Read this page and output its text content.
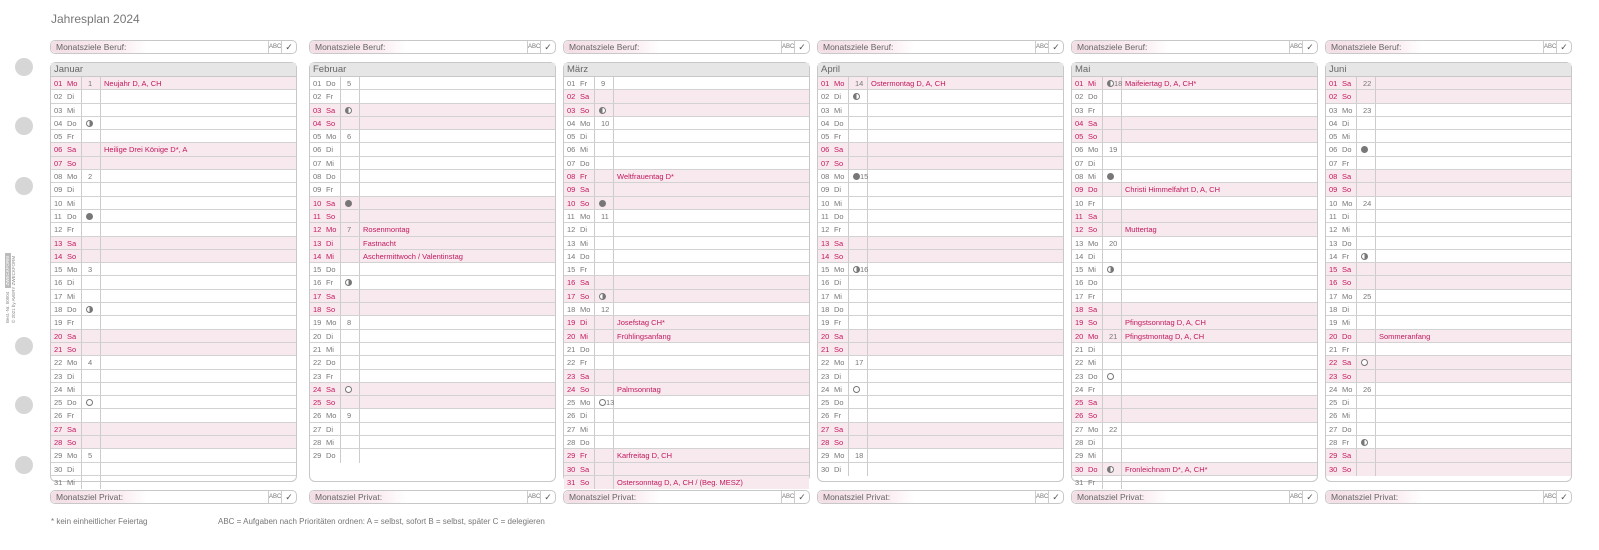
Jahresplan 2024
Best.-Nr. 50504 ZWECKFORM
© 2021 by AVERY ZWECKFORM
Monatsziele Beruf:	ABC ✓
Januar
01 Mo 1 Neujahr D, A, CH
02 Di
03 Mi
04 Do
05 Fr
06 Sa	Heilige Drei Könige D*, A
07 So
08 Mo 2
09 Di
10 Mi
11 Do
12 Fr
13 Sa
14 So
15 Mo 3
16 Di
17 Mi
18 Do
19 Fr
20 Sa
21 So
22 Mo 4
23 Di
24 Mi
25 Do
26 Fr
27 Sa
28 So
29 Mo 5
30 Di
31 Mi
Monatsziel Privat:	ABC ✓
Monatsziele Beruf:	ABC ✓
Februar
01 Do 5
02 Fr
03 Sa
04 So
05 Mo 6
06 Di
07 Mi
08 Do
09 Fr
10 Sa
11 So
12 Mo 7 Rosenmontag
13 Di	Fastnacht
14 Mi	Aschermittwoch / Valentinstag
15 Do
16 Fr
17 Sa
18 So
19 Mo 8
20 Di
21 Mi
22 Do
23 Fr
24 Sa
25 So
26 Mo 9
27 Di
28 Mi
29 Do
Monatsziel Privat:	ABC ✓
Monatsziele Beruf:	ABC ✓
März
01 Fr 9
02 Sa
03 So
04 Mo 10
05 Di
06 Mi
07 Do
08 Fr	Weltfrauentag D*
09 Sa
10 So
11 Mo 11
12 Di
13 Mi
14 Do
15 Fr
16 Sa
17 So
18 Mo 12
19 Di	Josefstag CH*
20 Mi	Frühlingsanfang
21 Do
22 Fr
23 Sa
24 So	Palmsonntag
25 Mo 13
26 Di
27 Mi
28 Do
29 Fr	Karfreitag D, CH
30 Sa
31 So	Ostersonntag D, A, CH / (Beg. MESZ)
Monatsziel Privat:	ABC ✓
Monatsziele Beruf:	ABC ✓
April
01 Mo 14 Ostermontag D, A, CH
02 Di
03 Mi
04 Do
05 Fr
06 Sa
07 So
08 Mo 15
09 Di
10 Mi
11 Do
12 Fr
13 Sa
14 So
15 Mo 16
16 Di
17 Mi
18 Do
19 Fr
20 Sa
21 So
22 Mo 17
23 Di
24 Mi
25 Do
26 Fr
27 Sa
28 So
29 Mo 18
30 Di
Monatsziel Privat:	ABC ✓
Monatsziele Beruf:	ABC ✓
Mai
01 Mi 18 Maifeiertag D, A, CH*
02 Do
03 Fr
04 Sa
05 So
06 Mo 19
07 Di
08 Mi
09 Do	Christi Himmelfahrt D, A, CH
10 Fr
11 Sa
12 So	Muttertag
13 Mo 20
14 Di
15 Mi
16 Do
17 Fr
18 Sa
19 So	Pfingstsonntag D, A, CH
20 Mo 21 Pfingstmontag D, A, CH
21 Di
22 Mi
23 Do
24 Fr
25 Sa
26 So
27 Mo 22
28 Di
29 Mi
30 Do	Fronleichnam D*, A, CH*
31 Fr
Monatsziel Privat:	ABC ✓
Monatsziele Beruf:	ABC ✓
Juni
01 Sa 22
02 So
03 Mo 23
04 Di
05 Mi
06 Do
07 Fr
08 Sa
09 So
10 Mo 24
11 Di
12 Mi
13 Do
14 Fr
15 Sa
16 So
17 Mo 25
18 Di
19 Mi
20 Do	Sommeranfang
21 Fr
22 Sa
23 So
24 Mo 26
25 Di
26 Mi
27 Do
28 Fr
29 Sa
30 So
Monatsziel Privat:	ABC ✓
* kein einheitlicher Feiertag	ABC = Aufgaben nach Prioritäten ordnen: A = selbst, sofort B = selbst, später C = delegieren
